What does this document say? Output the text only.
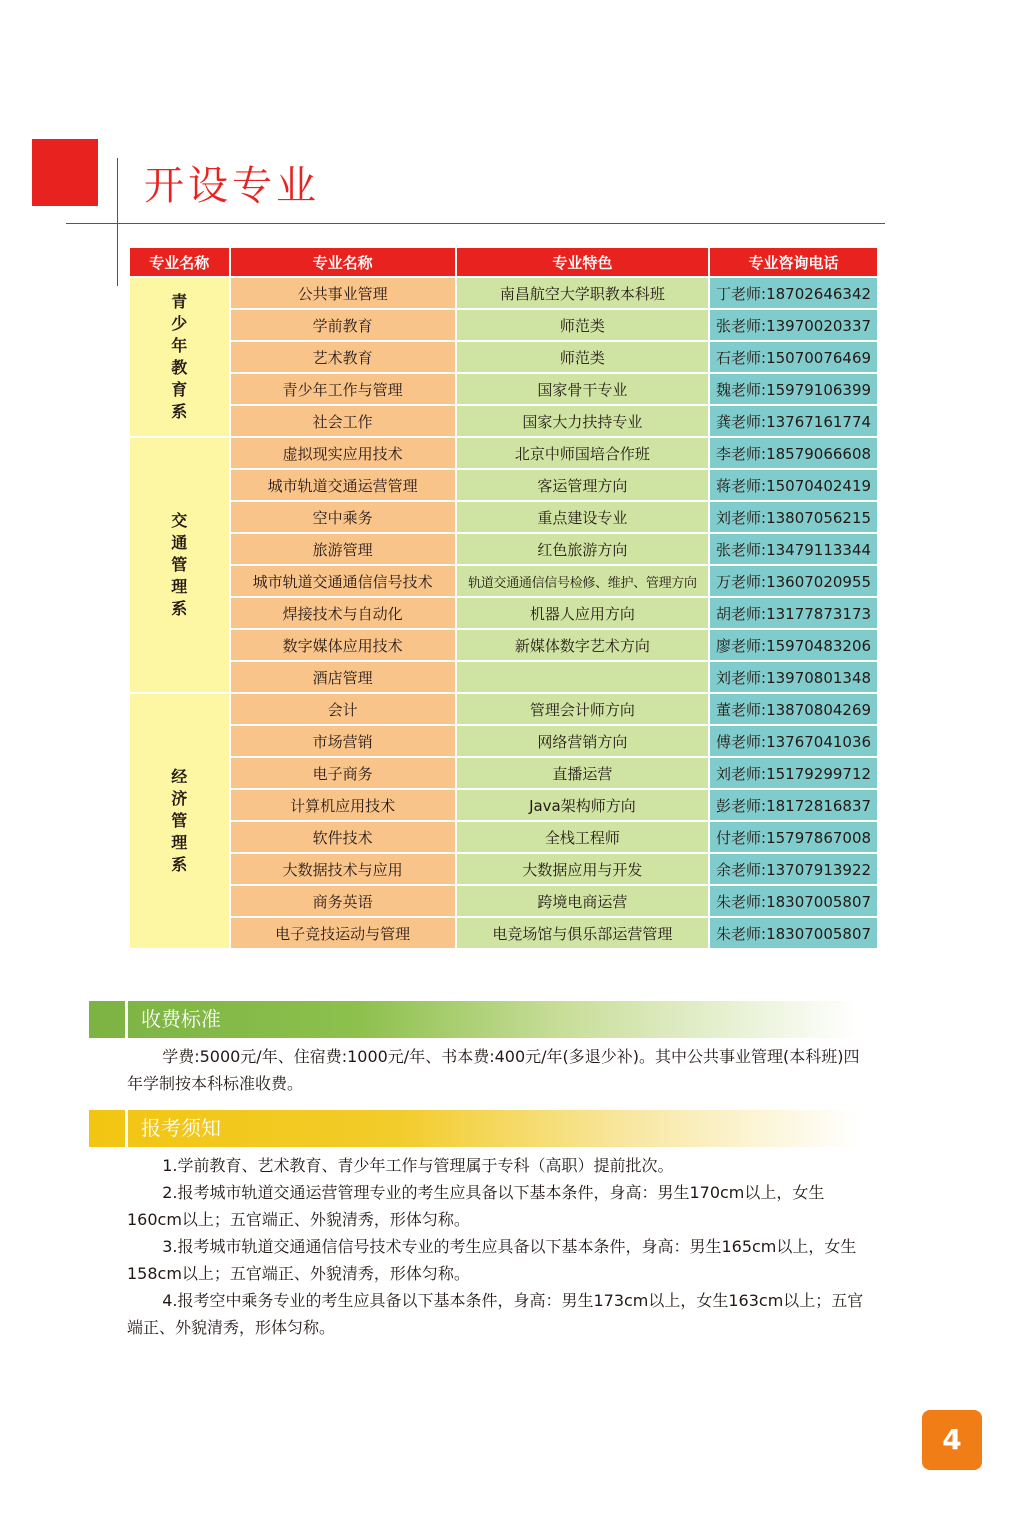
开设专业
专业名称	专业名称	专业特色	专业咨询电话
青少年教育系	公共事业管理	南昌航空大学职教本科班	丁老师:18702646342
	学前教育	师范类	张老师:13970020337
	艺术教育	师范类	石老师:15070076469
	青少年工作与管理	国家骨干专业	魏老师:15979106399
	社会工作	国家大力扶持专业	龚老师:13767161774
交通管理系	虚拟现实应用技术	北京中师国培合作班	李老师:18579066608
	城市轨道交通运营管理	客运管理方向	蒋老师:15070402419
	空中乘务	重点建设专业	刘老师:13807056215
	旅游管理	红色旅游方向	张老师:13479113344
	城市轨道交通通信信号技术	轨道交通通信信号检修、维护、管理方向	万老师:13607020955
	焊接技术与自动化	机器人应用方向	胡老师:13177873173
	数字媒体应用技术	新媒体数字艺术方向	廖老师:15970483206
	酒店管理		刘老师:13970801348
经济管理系	会计	管理会计师方向	董老师:13870804269
	市场营销	网络营销方向	傅老师:13767041036
	电子商务	直播运营	刘老师:15179299712
	计算机应用技术	Java架构师方向	彭老师:18172816837
	软件技术	全栈工程师	付老师:15797867008
	大数据技术与应用	大数据应用与开发	余老师:13707913922
	商务英语	跨境电商运营	朱老师:18307005807
	电子竞技运动与管理	电竞场馆与俱乐部运营管理	朱老师:18307005807
收费标准

学费:5000元/年、住宿费:1000元/年、书本费:400元/年(多退少补)。其中公共事业管理(本科班)四年学制按本科标准收费。

报考须知

1.学前教育、艺术教育、青少年工作与管理属于专科（高职）提前批次。

2.报考城市轨道交通运营管理专业的考生应具备以下基本条件，身高：男生170cm以上，女生160cm以上；五官端正、外貌清秀，形体匀称。

3.报考城市轨道交通通信信号技术专业的考生应具备以下基本条件，身高：男生165cm以上，女生158cm以上；五官端正、外貌清秀，形体匀称。

4.报考空中乘务专业的考生应具备以下基本条件，身高：男生173cm以上，女生163cm以上；五官端正、外貌清秀，形体匀称。

4
